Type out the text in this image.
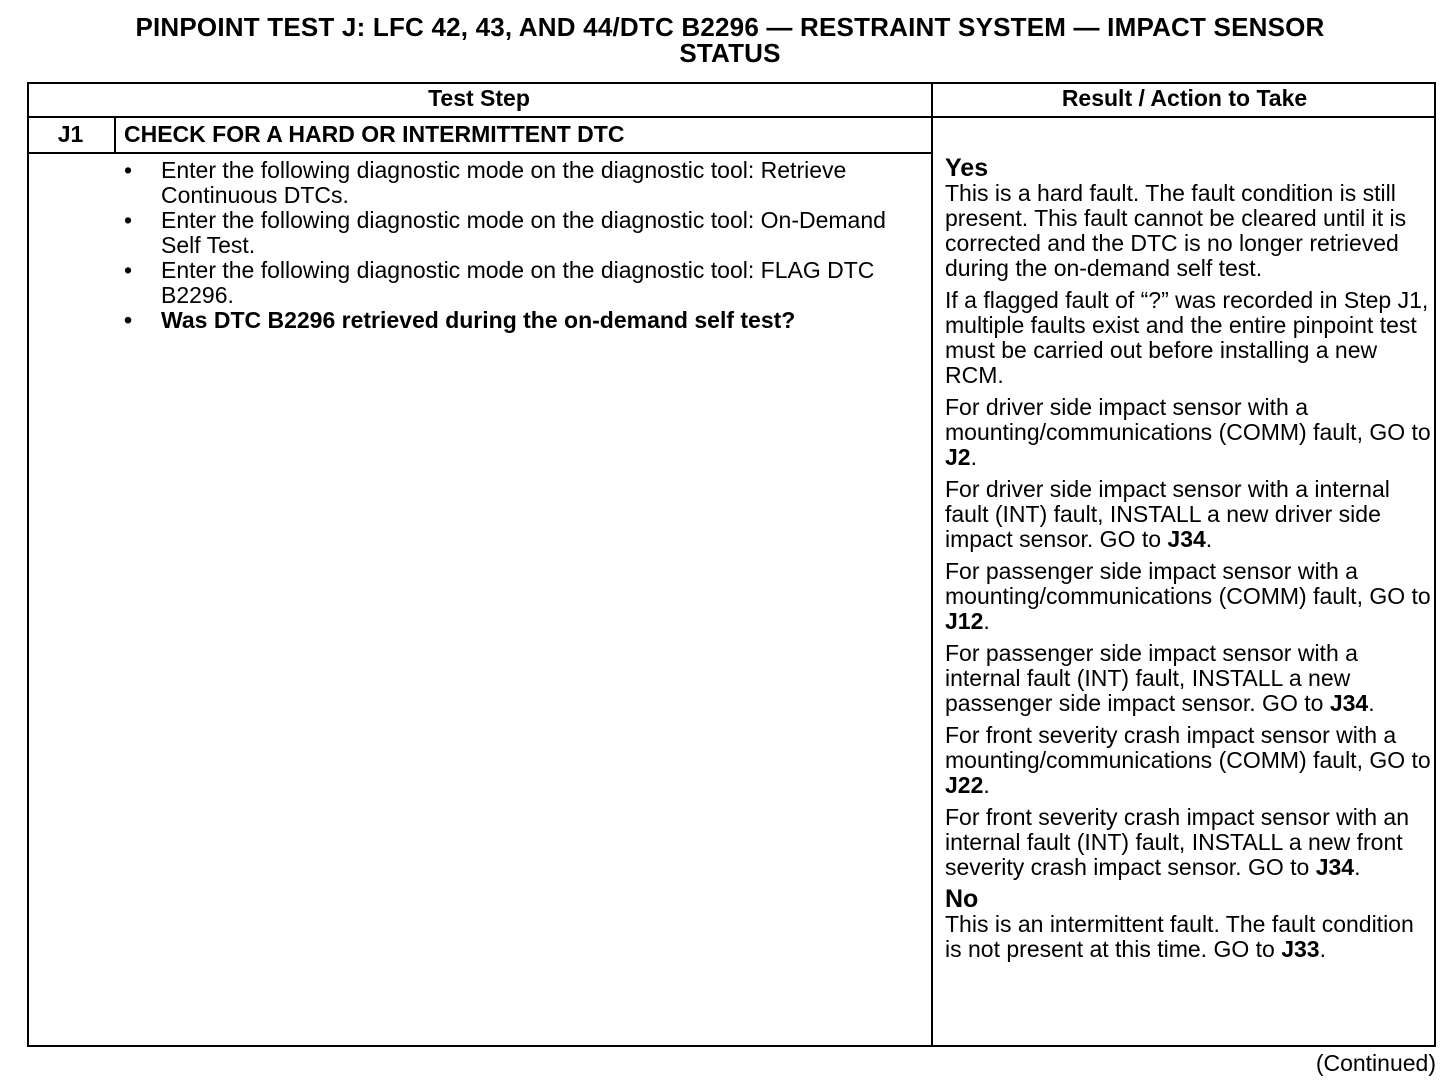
PINPOINT TEST J: LFC 42, 43, AND 44/DTC B2296 — RESTRAINT SYSTEM — IMPACT SENSOR
STATUS
Test Step	Result / Action to Take
J1	CHECK FOR A HARD OR INTERMITTENT DTC
• Enter the following diagnostic mode on the diagnostic tool: Retrieve Continuous DTCs.
• Enter the following diagnostic mode on the diagnostic tool: On-Demand Self Test.
• Enter the following diagnostic mode on the diagnostic tool: FLAG DTC B2296.
• Was DTC B2296 retrieved during the on-demand self test?
Yes

This is a hard fault. The fault condition is still present. This fault cannot be cleared until it is corrected and the DTC is no longer retrieved during the on-demand self test.

If a flagged fault of “?” was recorded in Step J1, multiple faults exist and the entire pinpoint test must be carried out before installing a new RCM.

For driver side impact sensor with a mounting/communications (COMM) fault, GO to J2.

For driver side impact sensor with a internal fault (INT) fault, INSTALL a new driver side impact sensor. GO to J34.

For passenger side impact sensor with a mounting/communications (COMM) fault, GO to J12.

For passenger side impact sensor with a internal fault (INT) fault, INSTALL a new passenger side impact sensor. GO to J34.

For front severity crash impact sensor with a mounting/communications (COMM) fault, GO to J22.

For front severity crash impact sensor with an internal fault (INT) fault, INSTALL a new front severity crash impact sensor. GO to J34.

No

This is an intermittent fault. The fault condition is not present at this time. GO to J33.

(Continued)
